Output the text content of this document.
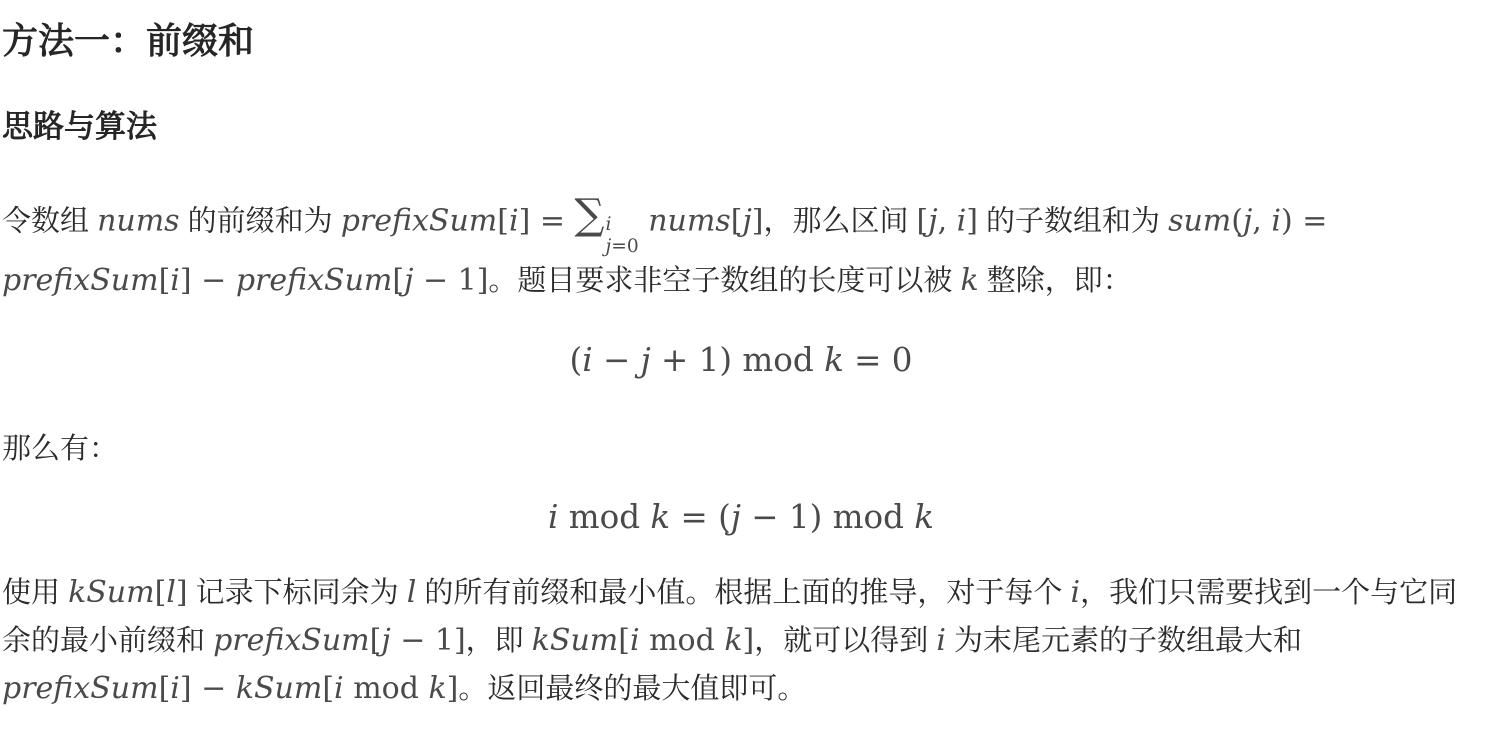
方法一：前缀和
思路与算法

令数组 nums 的前缀和为 prefixSum[i] = ∑ i
j=0
nums[j]，那么区间 [j, i] 的子数组和为 sum(j, i) = prefixSum[i] − prefixSum[j − 1]。题目要求非空子数组的长度可以被 k 整除，即：

(i − j + 1) mod k = 0

那么有：

i mod k = (j − 1) mod k

使用 kSum[l] 记录下标同余为 l 的所有前缀和最小值。根据上面的推导，对于每个 i，我们只需要找到一个与它同余的最小前缀和 prefixSum[j − 1]，即 kSum[i mod k]，就可以得到 i 为末尾元素的子数组最大和 prefixSum[i] − kSum[i mod k]。返回最终的最大值即可。
